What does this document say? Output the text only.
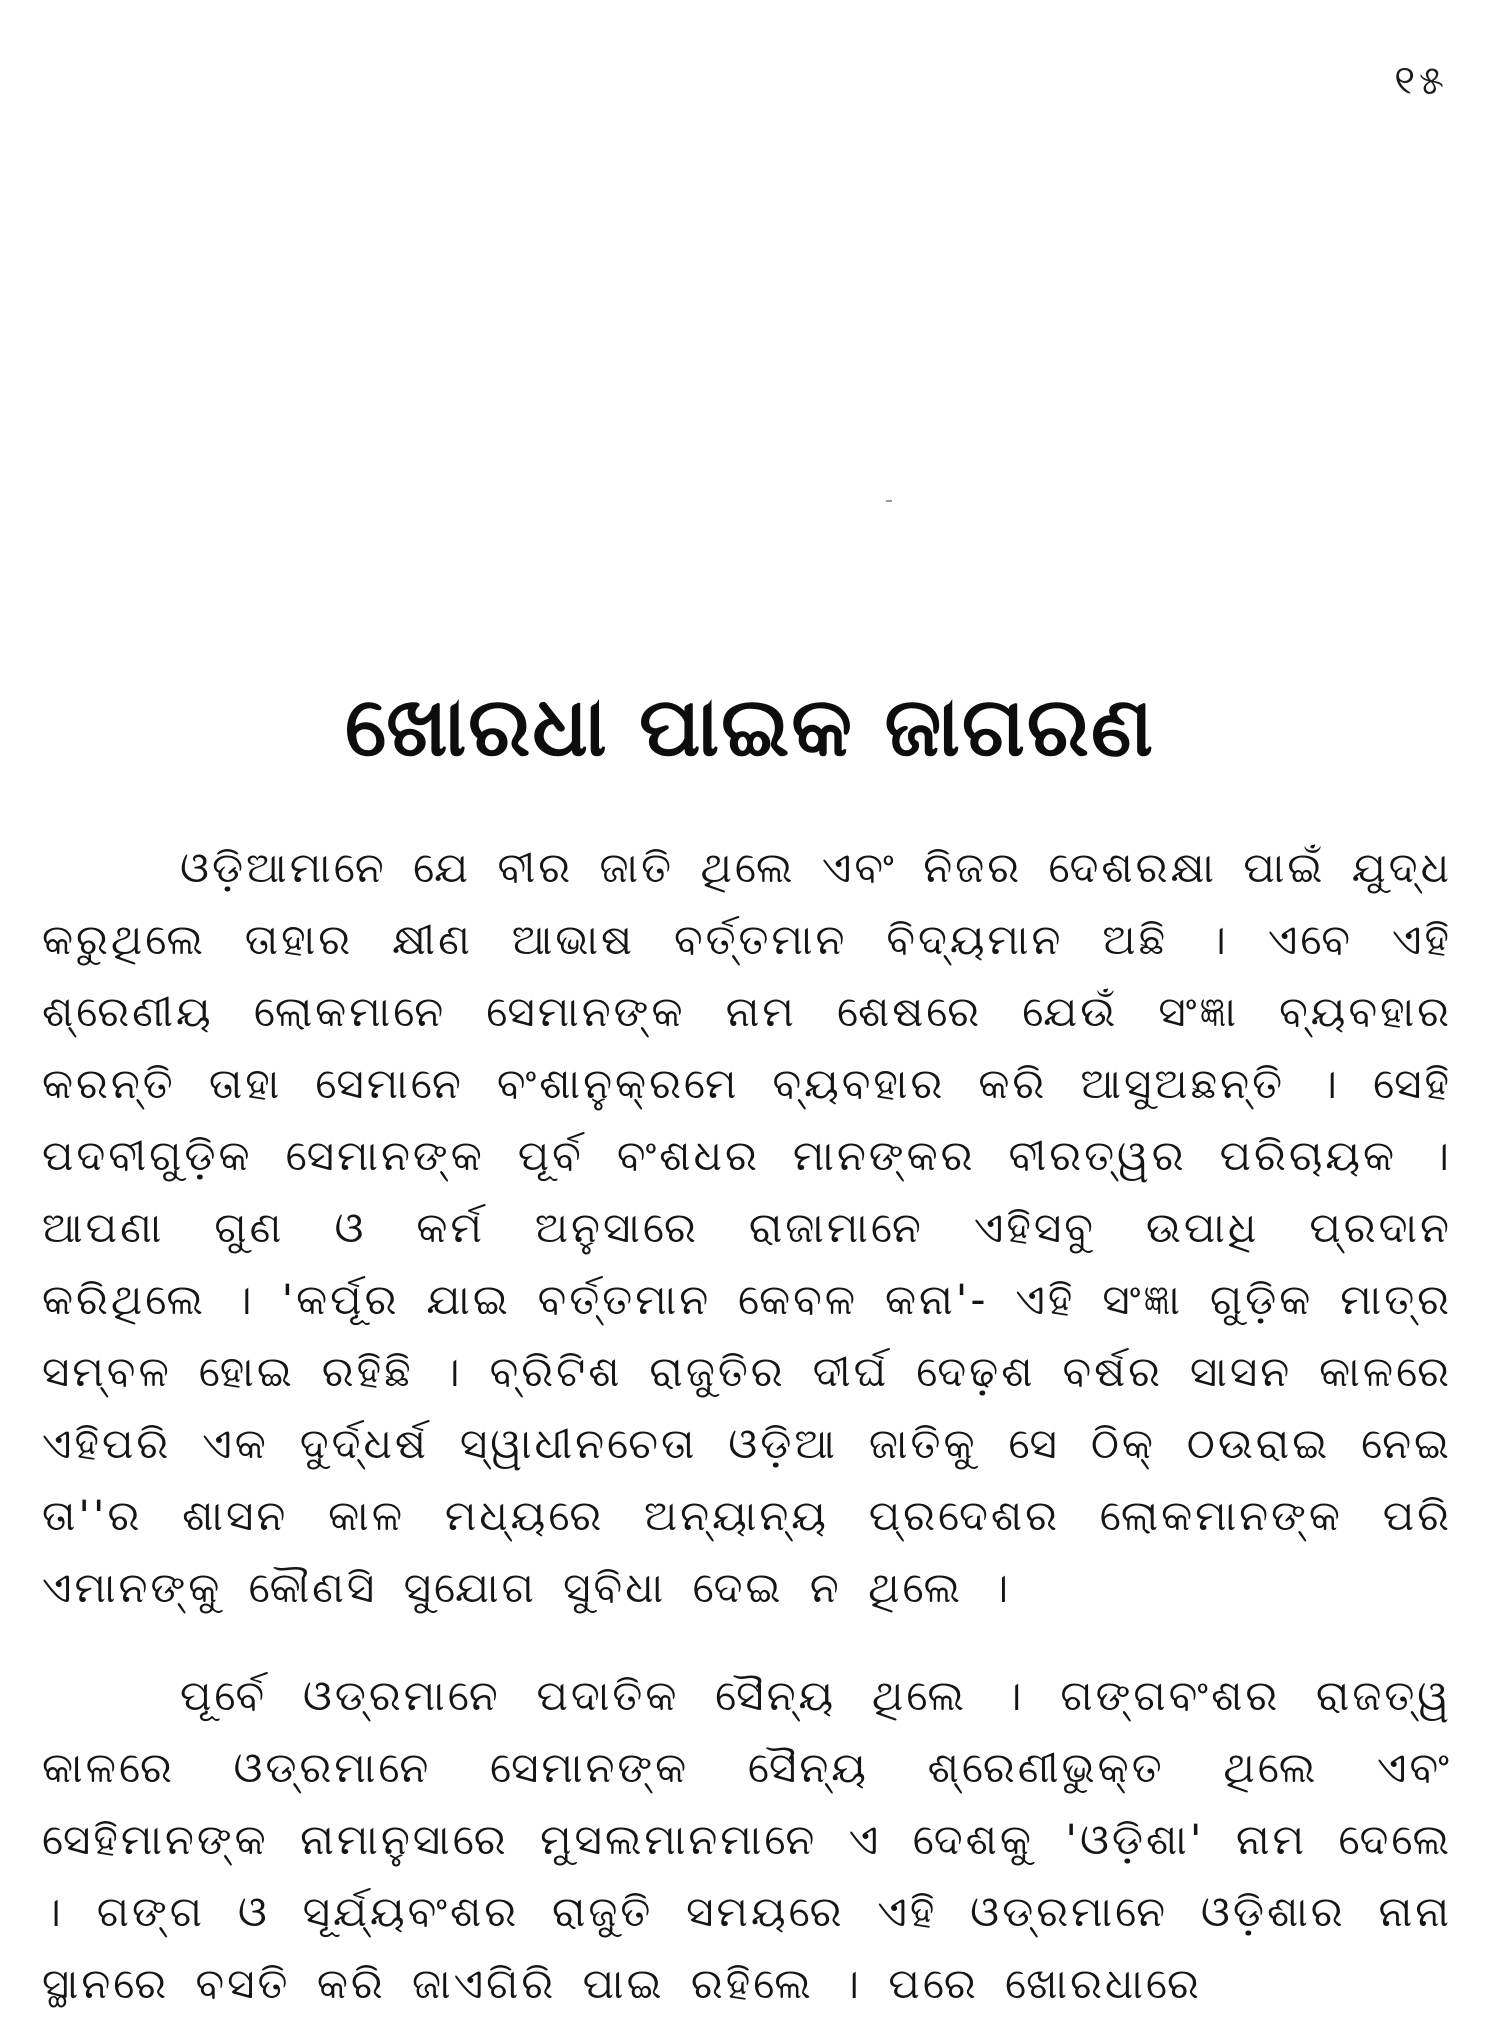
୧୫
ଖୋରଧା ପାଇକ ଜାଗରଣ

ଓଡ଼ିଆମାନେ ଯେ ବୀର ଜାତି ଥିଲେ ଏବଂ ନିଜର ଦେଶରକ୍ଷା ପାଇଁ ଯୁଦ୍ଧ କରୁଥିଲେ ତାହାର କ୍ଷୀଣ ଆଭାଷ ବର୍ତ୍ତମାନ ବିଦ୍ୟମାନ ଅଛି । ଏବେ ଏହି ଶ୍ରେଣୀୟ ଲୋକମାନେ ସେମାନଙ୍କ ନାମ ଶେଷରେ ଯେଉଁ ସଂଜ୍ଞା ବ୍ୟବହାର କରନ୍ତି ତାହା ସେମାନେ ବଂଶାନୁକ୍ରମେ ବ୍ୟବହାର କରି ଆସୁଅଛନ୍ତି । ସେହି ପଦବୀଗୁଡ଼ିକ ସେମାନଙ୍କ ପୂର୍ବ ବଂଶଧର ମାନଙ୍କର ବୀରତ୍ୱର ପରିଚାୟକ । ଆପଣା ଗୁଣ ଓ କର୍ମ ଅନୁସାରେ ରାଜାମାନେ ଏହିସବୁ ଉପାଧି ପ୍ରଦାନ କରିଥିଲେ । 'କର୍ପୂର ଯାଇ ବର୍ତ୍ତମାନ କେବଳ କନା'- ଏହି ସଂଜ୍ଞା ଗୁଡ଼ିକ ମାତ୍ର ସମ୍ବଳ ହୋଇ ରହିଛି । ବ୍ରିଟିଶ ରାଜୁତିର ଦୀର୍ଘ ଦେଢ଼ଶ ବର୍ଷର ସାସନ କାଳରେ ଏହିପରି ଏକ ଦୁର୍ଦ୍ଧର୍ଷ ସ୍ୱାଧୀନଚେତା ଓଡ଼ିଆ ଜାତିକୁ ସେ ଠିକ୍ ଠଉରାଇ ନେଇ ତା''ର ଶାସନ କାଳ ମଧ୍ୟରେ ଅନ୍ୟାନ୍ୟ ପ୍ରଦେଶର ଲୋକମାନଙ୍କ ପରି ଏମାନଙ୍କୁ କୌଣସି ସୁଯୋଗ ସୁବିଧା ଦେଇ ନ ଥିଲେ ।

ପୂର୍ବେ ଓଡ୍ରମାନେ ପଦାତିକ ସୈନ୍ୟ ଥିଲେ । ଗଙ୍ଗବଂଶର ରାଜତ୍ୱ କାଳରେ ଓଡ୍ରମାନେ ସେମାନଙ୍କ ସୈନ୍ୟ ଶ୍ରେଣୀଭୁକ୍ତ ଥିଲେ ଏବଂ ସେହିମାନଙ୍କ ନାମାନୁସାରେ ମୁସଲମାନମାନେ ଏ ଦେଶକୁ 'ଓଡ଼ିଶା' ନାମ ଦେଲେ । ଗଙ୍ଗ ଓ ସୂର୍ଯ୍ୟବଂଶର ରାଜୁତି ସମୟରେ ଏହି ଓଡ୍ରମାନେ ଓଡ଼ିଶାର ନାନା ସ୍ଥାନରେ ବସତି କରି ଜାଏଗିରି ପାଇ ରହିଲେ । ପରେ ଖୋରଧାରେ
